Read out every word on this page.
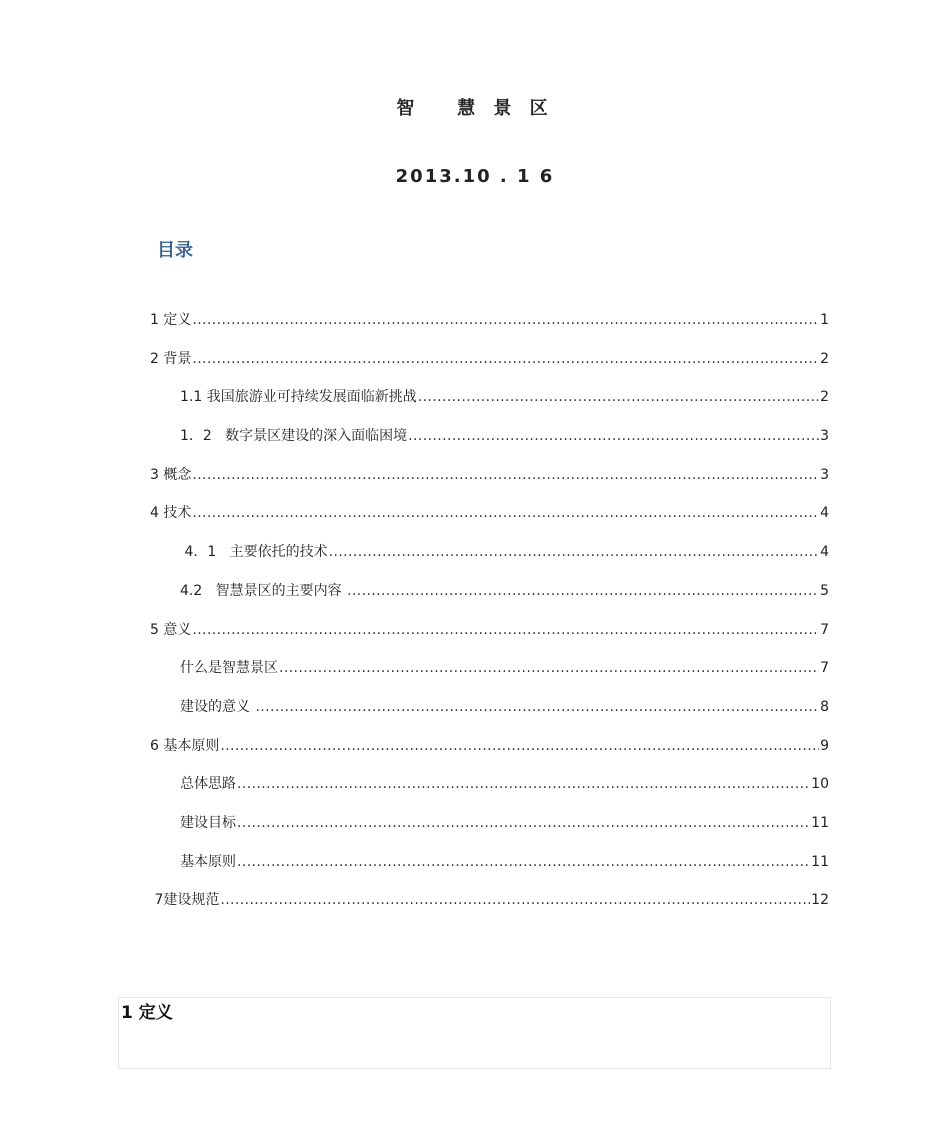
智   慧 景 区
2013.10 . 1 6
目录
1 定义 .....	1
2 背景 .....	2
1.1 我国旅游业可持续发展面临新挑战 .....	2
1．2   数字景区建设的深入面临困境 .....	3
3 概念 .....	3
4 技术 .....	4
4．1   主要依托的技术 .....	4
4.2   智慧景区的主要内容 .....	5
5 意义 .....	7
什么是智慧景区 .....	7
建设的意义 .....	8
6 基本原则 .....	9
总体思路 .....	10
建设目标 .....	11
基本原则 .....	11
7建设规范 .....	12
1 定义
